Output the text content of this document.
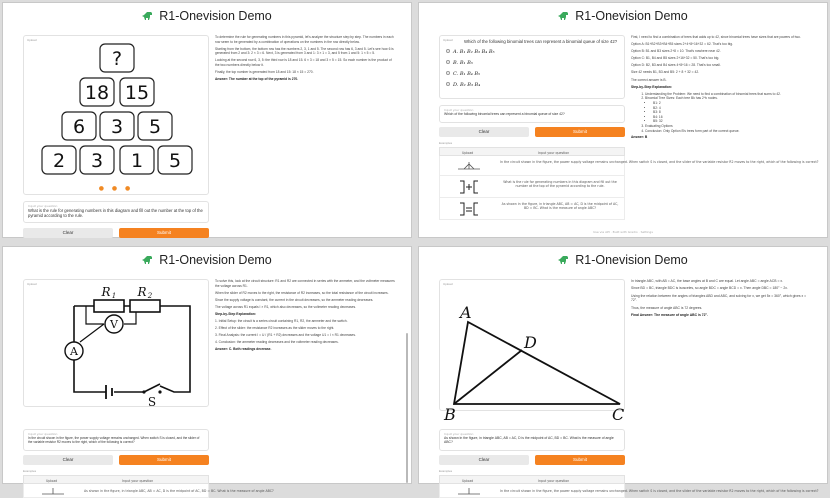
R1-Onevision Demo
Upload
?
18 15
6 3 5
2 3 1 5
● ● ●
Input your question
What is the rule for generating numbers in this diagram and fill out the number at the top of the pyramid according to the rule.
Clear	Submit

To determine the rule for generating numbers in this pyramid, let's analyze the structure step by step. The numbers in each row seem to be generated by a combination of operations on the numbers in the row directly below.

Starting from the bottom, the bottom row has the numbers 2, 3, 1 and 5. The second row has 6, 3 and 5. Let's see how 6 is generated from 2 and 3: 2 × 3 = 6. Next, 3 is generated from 3 and 1: 3 × 1 = 3, and 5 from 1 and 5: 1 × 5 = 5.

Looking at the second row 6, 3, 5: the third row is 18 and 15. 6 × 3 = 18 and 3 × 5 = 15. So each number is the product of the two numbers directly below it.

Finally, the top number is generated from 18 and 15: 18 × 15 = 270.

Answer: The number at the top of the pyramid is 270.

R1-Onevision Demo
Upload	Which of the following binomial trees can represent a binomial queue of size 42?
A. B₁ B₂ B₃ B₄ B₅
B. B₁ B₃
C. B₁ B₄ B₅
D. B₂ B₃ B₄
Input your question
Which of the following binomial trees can represent a binomial queue of size 42?
Clear	Submit
Examples
Upload	Input your question
In the circuit shown in the figure, the power supply voltage remains unchanged. When switch S is closed, and the slider of the variable resistor R2 moves to the right, which of the following is correct?
What is the rule for generating numbers in this diagram and fill out the number at the top of the pyramid according to the rule.
As shown in the figure, in triangle ABC, AB = AC, D is the midpoint of AC, BD = BC. What is the measure of angle ABC?

First, I need to find a combination of trees that adds up to 42, since binomial trees have sizes that are powers of two.

Option A: B1+B2+B3+B4+B5 sizes 2+4+8+16+32 = 62. That's too big.

Option B: B1 and B3 sizes 2+8 = 10. That's nowhere near 42.

Option C: B1, B4 and B5 sizes 2+16+32 = 50. That's too big.

Option D: B2, B3 and B4 sizes 4+8+16 = 28. That's too small.

Size 42 needs B1, B3 and B5: 2 + 8 + 32 = 42.

The correct answer is B.

Step-by-Step Explanation:

1. Understanding the Problem: We need to find a combination of binomial trees that sums to 42.
2. Binomial Tree Sizes: Each tree Bk has 2^k nodes.
• B1: 2
• B2: 4
• B3: 8
• B4: 16
• B5: 32
3. Evaluating Options
4. Conclusion: Only Option B's trees form part of the correct queue.

Answer: B

Use via API · Built with Gradio · Settings
R1-Onevision Demo
Upload
A
V
R 1 R 2
S
Input your question
In the circuit shown in the figure, the power supply voltage remains unchanged. When switch S is closed, and the slider of the variable resistor R2 moves to the right, which of the following is correct?
Clear	Submit
Examples
Upload	Input your question
As shown in the figure, in triangle ABC, AB = AC, D is the midpoint of AC, BD = BC. What is the measure of angle ABC?

To solve this, look at the circuit structure: R1 and R2 are connected in series with the ammeter, and the voltmeter measures the voltage across R1.

When the slider of R2 moves to the right, the resistance of R2 increases, so the total resistance of the circuit increases.

Since the supply voltage is constant, the current in the circuit decreases, so the ammeter reading decreases.

The voltage across R1 equals I × R1, which also decreases, so the voltmeter reading decreases.

Step-by-Step Explanation:

1. Initial Setup: the circuit is a series circuit containing R1, R2, the ammeter and the switch.

2. Effect of the slider: the resistance R2 increases as the slider moves to the right.

3. Final Analysis: the current I = U / (R1 + R2) decreases and the voltage U1 = I × R1 decreases.

4. Conclusion: the ammeter reading decreases and the voltmeter reading decreases.

Answer: C. Both readings decrease.

R1-Onevision Demo
Upload
A
B	C
D
Input your question
As shown in the figure, in triangle ABC, AB = AC, D is the midpoint of AC, BD = BC. What is the measure of angle ABC?
Clear	Submit
Examples
Upload	Input your question
In the circuit shown in the figure, the power supply voltage remains unchanged. When switch S is closed, and the slider of the variable resistor R2 moves to the right, which of the following is correct?

In triangle ABC, with AB = AC, the base angles at B and C are equal. Let angle ABC = angle ACB = x.

Since BD = BC, triangle BDC is isosceles, so angle BDC = angle BCD = x. Then angle DBC = 180° − 2x.

Using the relation between the angles of triangles ABD and ABC, and solving for x, we get 5x = 360°, which gives x = 72°.

Thus, the measure of angle ABC is 72 degrees.

Final Answer: The measure of angle ABC is 72°.
